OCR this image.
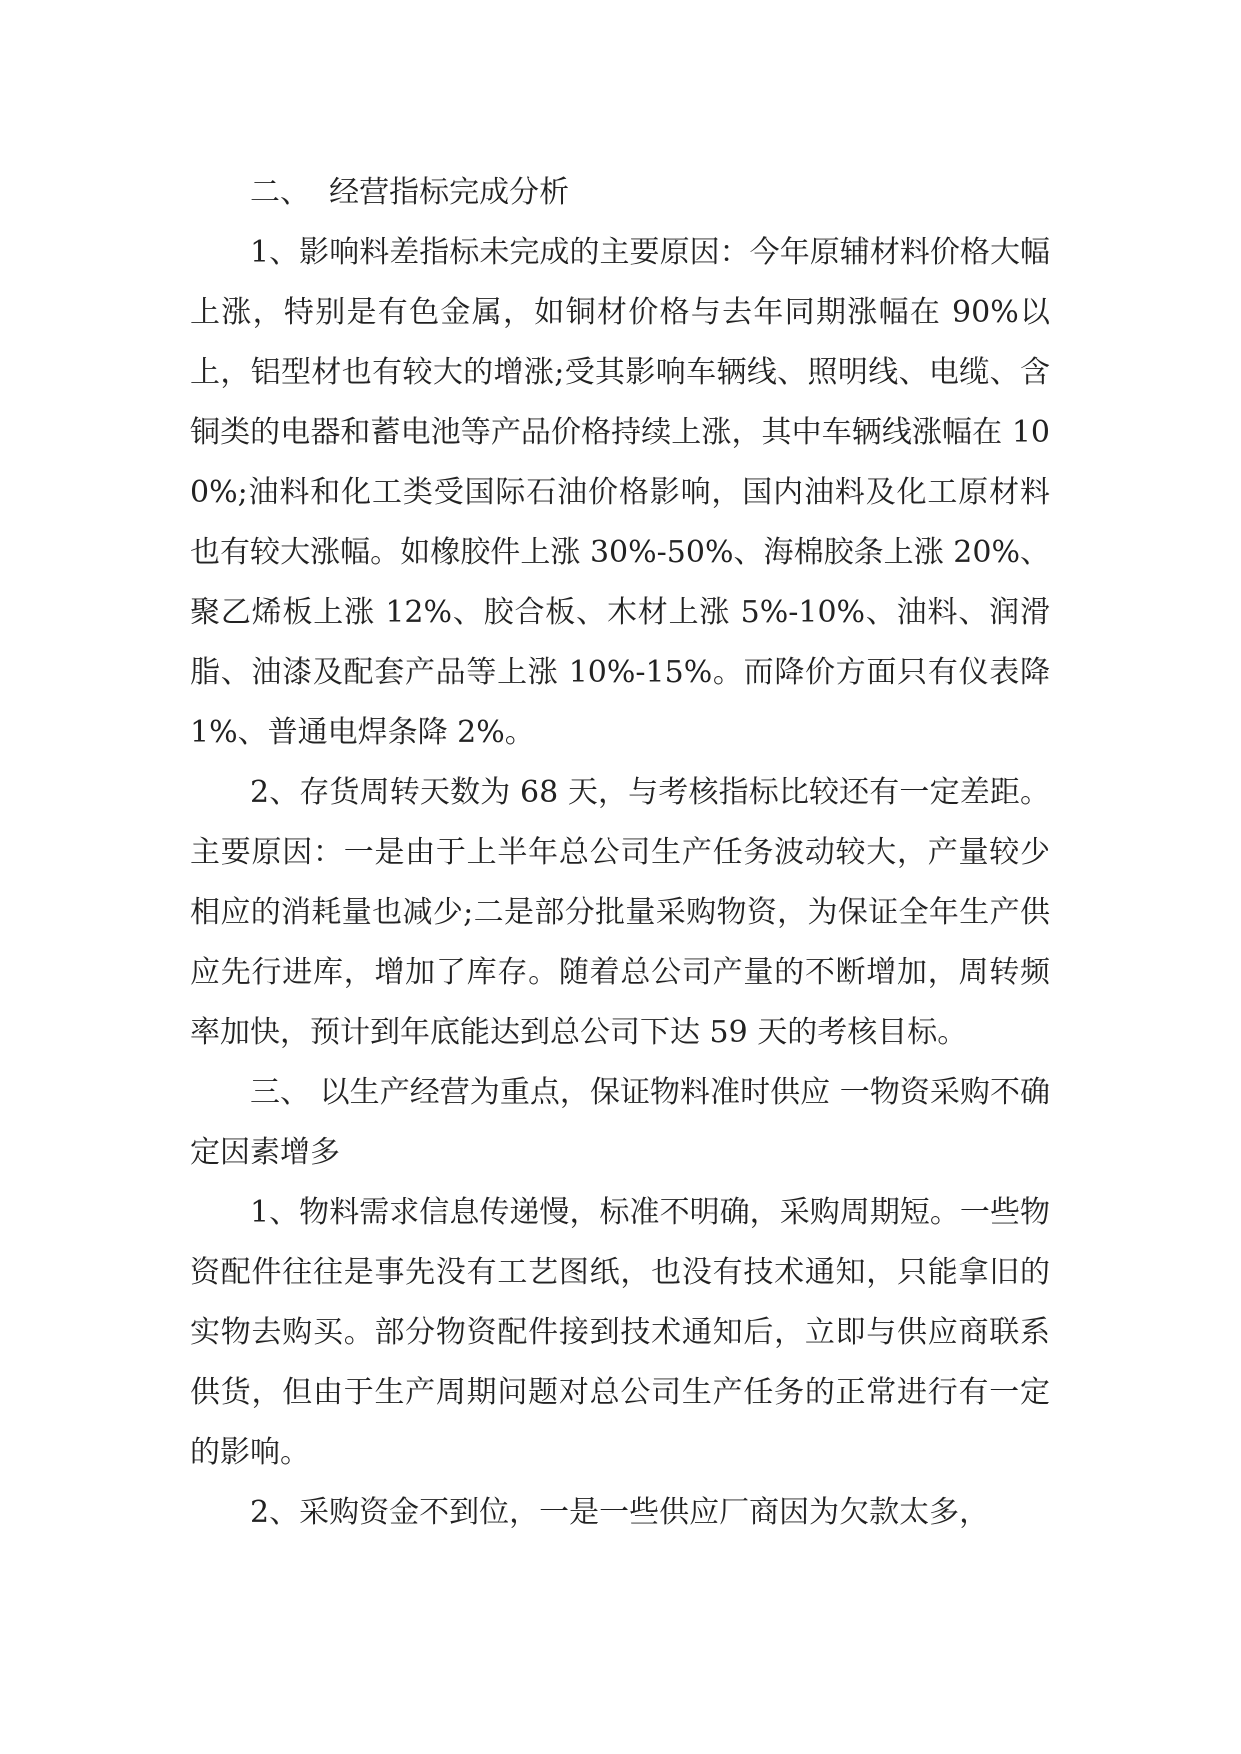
二、  经营指标完成分析

1、影响料差指标未完成的主要原因：今年原辅材料价格大幅上涨，特别是有色金属，如铜材价格与去年同期涨幅在 90%以上，铝型材也有较大的增涨;受其影响车辆线、照明线、电缆、含铜类的电器和蓄电池等产品价格持续上涨，其中车辆线涨幅在 100%;油料和化工类受国际石油价格影响，国内油料及化工原材料也有较大涨幅。如橡胶件上涨 30%-50%、海棉胶条上涨 20%、聚乙烯板上涨 12%、胶合板、木材上涨 5%-10%、油料、润滑脂、油漆及配套产品等上涨 10%-15%。而降价方面只有仪表降 1%、普通电焊条降 2%。

2、存货周转天数为 68 天，与考核指标比较还有一定差距。主要原因：一是由于上半年总公司生产任务波动较大，产量较少相应的消耗量也减少;二是部分批量采购物资，为保证全年生产供应先行进库，增加了库存。随着总公司产量的不断增加，周转频率加快，预计到年底能达到总公司下达 59 天的考核目标。

三、 以生产经营为重点，保证物料准时供应 一物资采购不确定因素增多

1、物料需求信息传递慢，标准不明确，采购周期短。一些物资配件往往是事先没有工艺图纸，也没有技术通知，只能拿旧的实物去购买。部分物资配件接到技术通知后，立即与供应商联系供货，但由于生产周期问题对总公司生产任务的正常进行有一定的影响。

2、采购资金不到位，一是一些供应厂商因为欠款太多，
